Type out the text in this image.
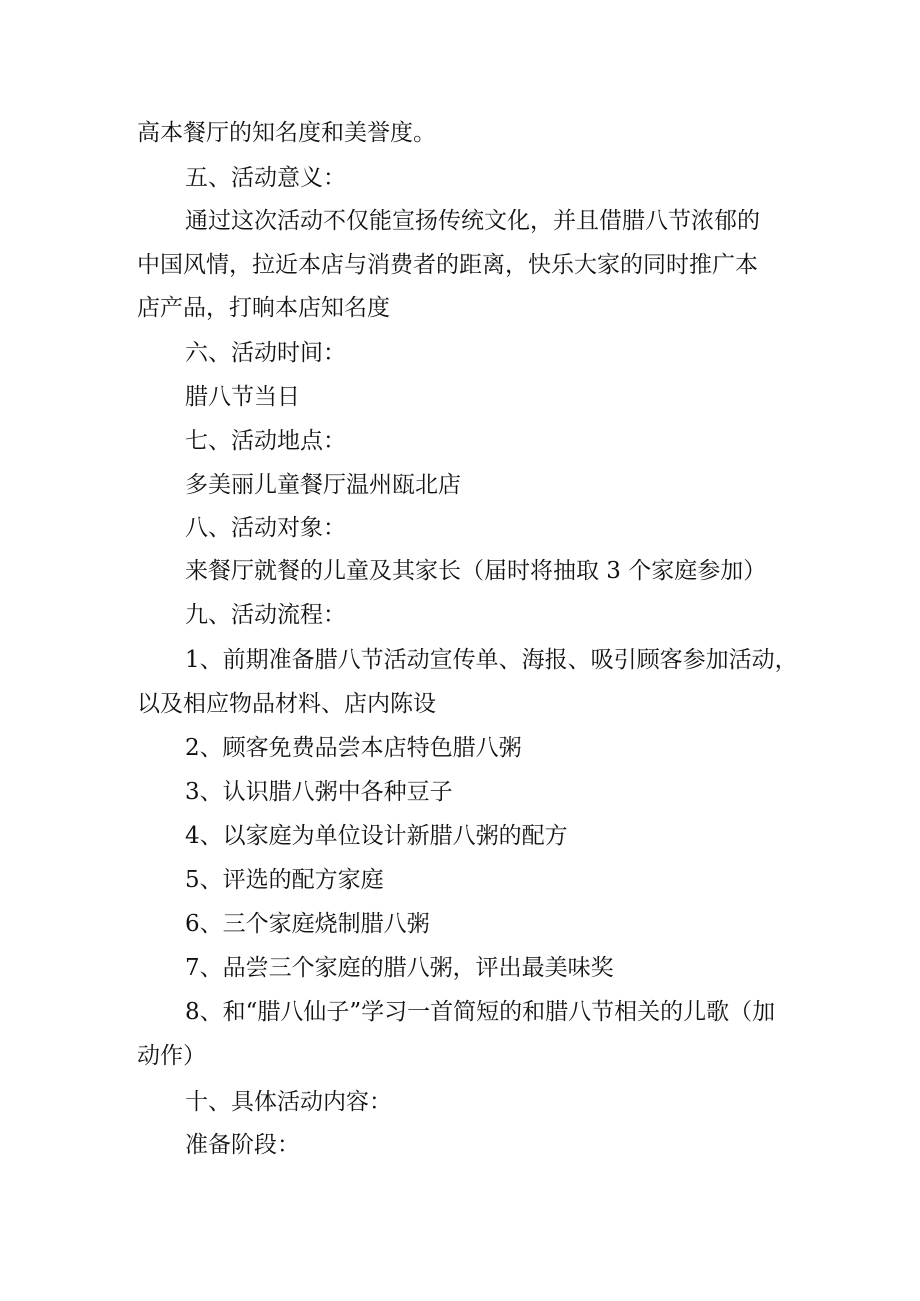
高本餐厅的知名度和美誉度。

五、活动意义：

通过这次活动不仅能宣扬传统文化，并且借腊八节浓郁的

中国风情，拉近本店与消费者的距离，快乐大家的同时推广本

店产品，打晌本店知名度

六、活动时间：

腊八节当日

七、活动地点：

多美丽儿童餐厅温州瓯北店

八、活动对象：

来餐厅就餐的儿童及其家长（届时将抽取 3 个家庭参加）

九、活动流程：

1、前期准备腊八节活动宣传单、海报、吸引顾客参加活动，

以及相应物品材料、店内陈设

2、顾客免费品尝本店特色腊八粥

3、认识腊八粥中各种豆子

4、以家庭为单位设计新腊八粥的配方

5、评选的配方家庭

6、三个家庭烧制腊八粥

7、品尝三个家庭的腊八粥，评出最美味奖

8、和“腊八仙子”学习一首简短的和腊八节相关的儿歌（加

动作）

十、具体活动内容：

准备阶段：
